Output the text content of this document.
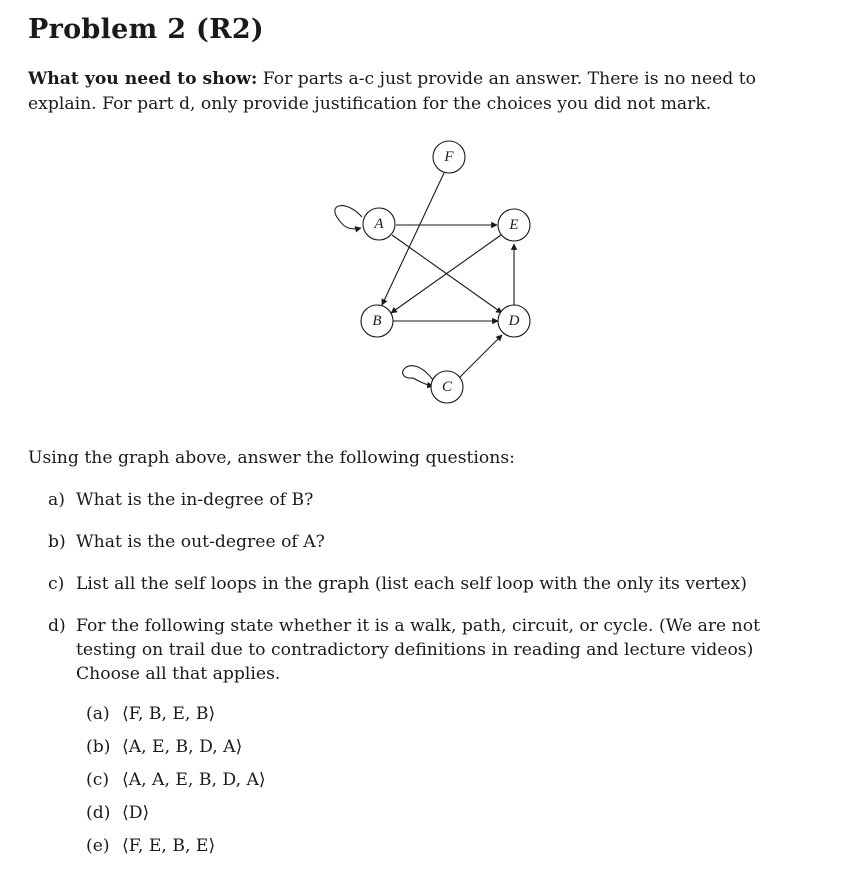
Problem 2 (R2)
What you need to show: For parts a-c just provide an answer. There is no need to explain. For part d, only provide justification for the choices you did not mark.
F
A	E
B	D
C
Using the graph above, answer the following questions:
a) What is the in-degree of B?
b) What is the out-degree of A?
c) List all the self loops in the graph (list each self loop with the only its vertex)
d) For the following state whether it is a walk, path, circuit, or cycle. (We are not testing on trail due to contradictory definitions in reading and lecture videos) Choose all that applies.
(a) ⟨F, B, E, B⟩
(b) ⟨A, E, B, D, A⟩
(c) ⟨A, A, E, B, D, A⟩
(d) ⟨D⟩
(e) ⟨F, E, B, E⟩
